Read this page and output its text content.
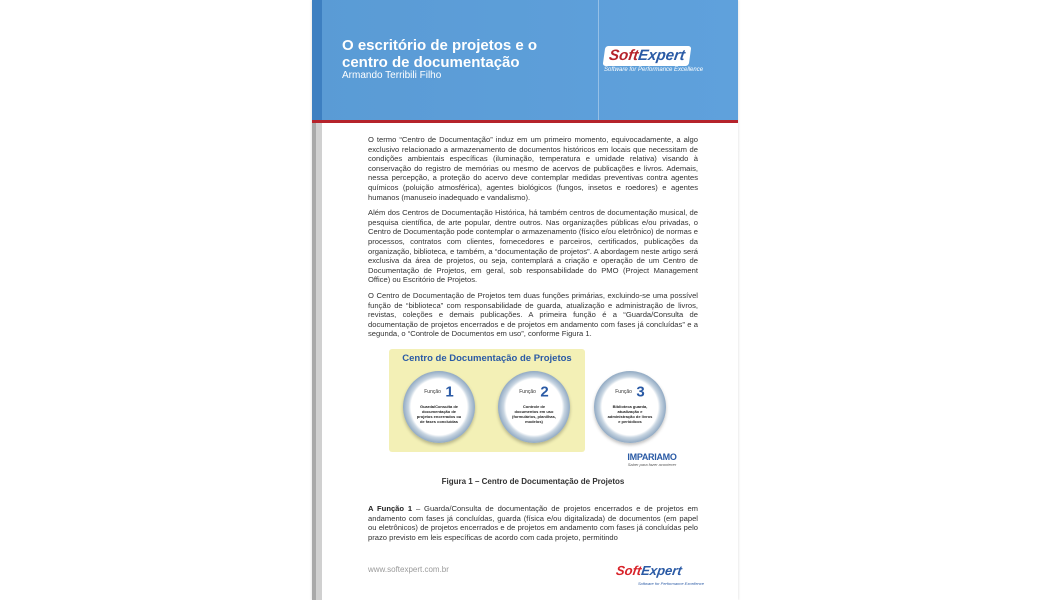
O escritório de projetos e o centro de documentação
Armando Terribili Filho
SoftExpert
Software for Performance Excellence

O termo “Centro de Documentação” induz em um primeiro momento, equivocadamente, a algo exclusivo relacionado a armazenamento de documentos históricos em locais que necessitam de condições ambientais específicas (iluminação, temperatura e umidade relativa) visando à conservação do registro de memórias ou mesmo de acervos de publicações e livros. Ademais, nessa percepção, a proteção do acervo deve contemplar medidas preventivas contra agentes químicos (poluição atmosférica), agentes biológicos (fungos, insetos e roedores) e agentes humanos (manuseio inadequado e vandalismo).

Além dos Centros de Documentação Histórica, há também centros de documentação musical, de pesquisa científica, de arte popular, dentre outros. Nas organizações públicas e/ou privadas, o Centro de Documentação pode contemplar o armazenamento (físico e/ou eletrônico) de normas e processos, contratos com clientes, fornecedores e parceiros, certificados, publicações da organização, biblioteca, e também, a “documentação de projetos”. A abordagem neste artigo será exclusiva da área de projetos, ou seja, contemplará a criação e operação de um Centro de Documentação de Projetos, em geral, sob responsabilidade do PMO (Project Management Office) ou Escritório de Projetos.

O Centro de Documentação de Projetos tem duas funções primárias, excluindo-se uma possível função de “biblioteca” com responsabilidade de guarda, atualização e administração de livros, revistas, coleções e demais publicações. A primeira função é a “Guarda/Consulta de documentação de projetos encerrados e de projetos em andamento com fases já concluídas” e a segunda, o “Controle de Documentos em uso”, conforme Figura 1.

Centro de Documentação de Projetos
Função 1
Guarda/Consulta de documentação de projetos encerrados ou de fases concluídas
Função 2
Controle de documentos em uso (formulários, planilhas, modelos)
Função 3
Biblioteca guarda, atualização e administração de livros e periódicos
IMPARIAMO
Saber para fazer acontecer
Figura 1 – Centro de Documentação de Projetos
A Função 1 – Guarda/Consulta de documentação de projetos encerrados e de projetos em andamento com fases já concluídas, guarda (física e/ou digitalizada) de documentos (em papel ou eletrônicos) de projetos encerrados e de projetos em andamento com fases já concluídas pelo prazo previsto em leis específicas de acordo com cada projeto, permitindo
www.softexpert.com.br	SoftExpert
Software for Performance Excellence
